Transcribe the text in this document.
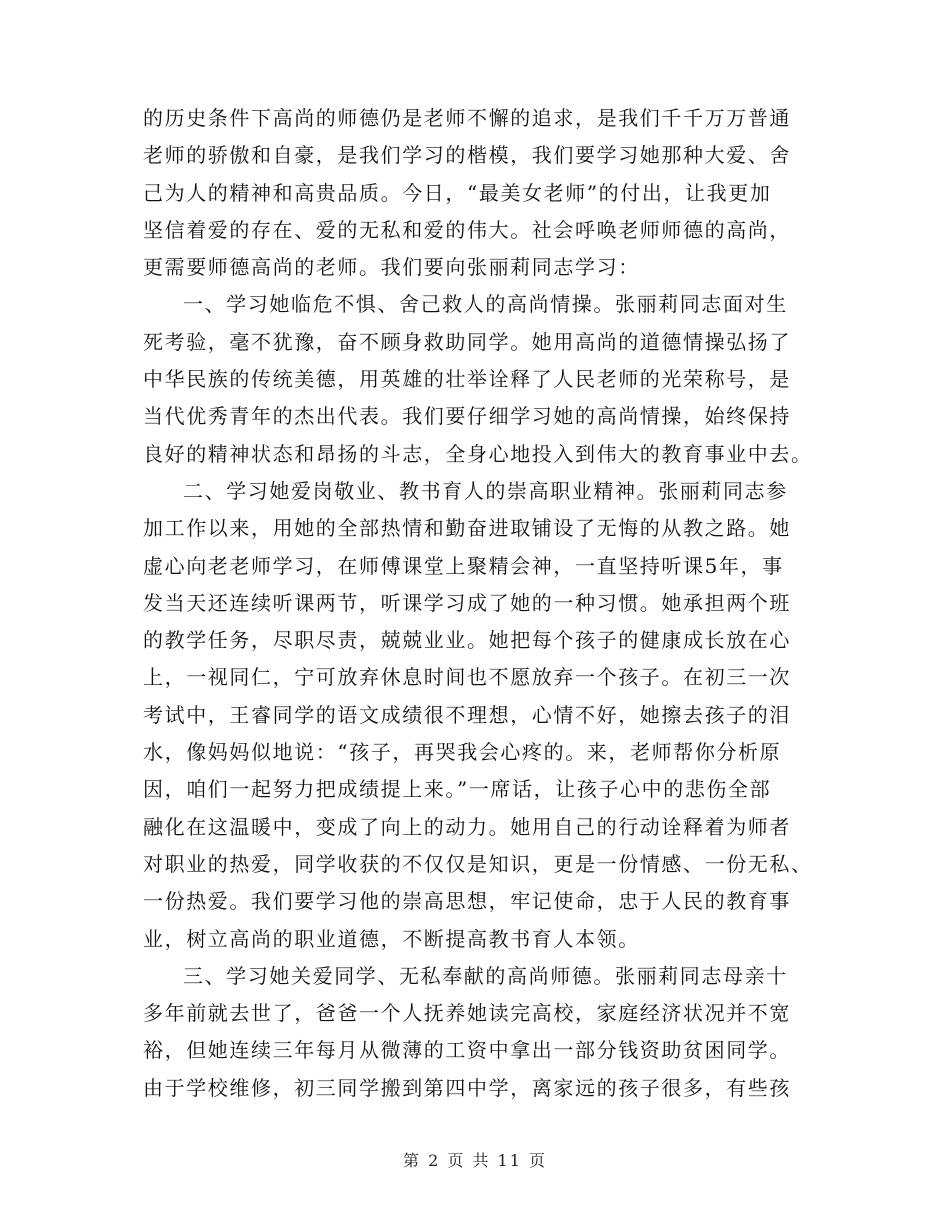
的历史条件下高尚的师德仍是老师不懈的追求，是我们千千万万普通
老师的骄傲和自豪，是我们学习的楷模，我们要学习她那种大爱、舍
己为人的精神和高贵品质。今日，“最美女老师”的付出，让我更加
坚信着爱的存在、爱的无私和爱的伟大。社会呼唤老师师德的高尚，
更需要师德高尚的老师。我们要向张丽莉同志学习：
一、学习她临危不惧、舍己救人的高尚情操。张丽莉同志面对生
死考验，毫不犹豫，奋不顾身救助同学。她用高尚的道德情操弘扬了
中华民族的传统美德，用英雄的壮举诠释了人民老师的光荣称号，是
当代优秀青年的杰出代表。我们要仔细学习她的高尚情操，始终保持
良好的精神状态和昂扬的斗志，全身心地投入到伟大的教育事业中去。
二、学习她爱岗敬业、教书育人的崇高职业精神。张丽莉同志参
加工作以来，用她的全部热情和勤奋进取铺设了无悔的从教之路。她
虚心向老老师学习，在师傅课堂上聚精会神，一直坚持听课5年，事
发当天还连续听课两节，听课学习成了她的一种习惯。她承担两个班
的教学任务，尽职尽责，兢兢业业。她把每个孩子的健康成长放在心
上，一视同仁，宁可放弃休息时间也不愿放弃一个孩子。在初三一次
考试中，王睿同学的语文成绩很不理想，心情不好，她擦去孩子的泪
水，像妈妈似地说：“孩子，再哭我会心疼的。来，老师帮你分析原
因，咱们一起努力把成绩提上来。”一席话，让孩子心中的悲伤全部
融化在这温暖中，变成了向上的动力。她用自己的行动诠释着为师者
对职业的热爱，同学收获的不仅仅是知识，更是一份情感、一份无私、
一份热爱。我们要学习他的崇高思想，牢记使命，忠于人民的教育事
业，树立高尚的职业道德，不断提高教书育人本领。
三、学习她关爱同学、无私奉献的高尚师德。张丽莉同志母亲十
多年前就去世了，爸爸一个人抚养她读完高校，家庭经济状况并不宽
裕，但她连续三年每月从微薄的工资中拿出一部分钱资助贫困同学。
由于学校维修，初三同学搬到第四中学，离家远的孩子很多，有些孩
第 2 页 共 11 页
